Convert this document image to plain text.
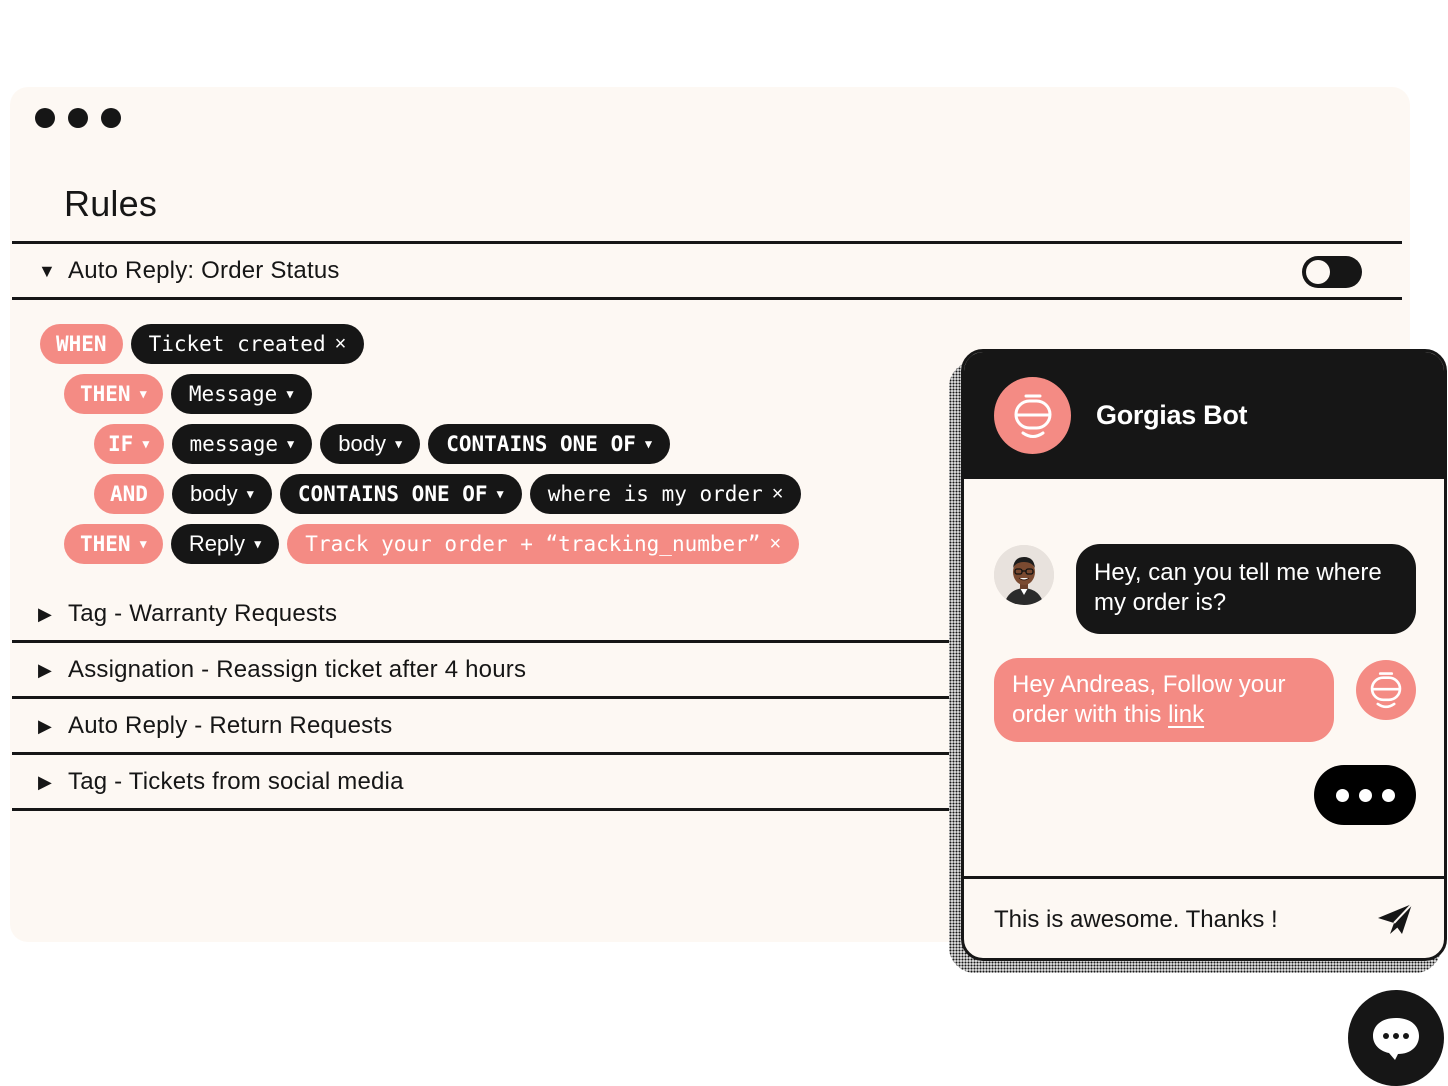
Rules
▼ Auto Reply: Order Status
WHEN Ticket created ×
THEN ▼ Message ▼
IF ▼ message ▼ body ▼ CONTAINS ONE OF ▼
AND body ▼ CONTAINS ONE OF ▼ where is my order ×
THEN ▼ Reply ▼ Track your order + “tracking_number” ×
▶ Tag - Warranty Requests
▶ Assignation - Reassign ticket after 4 hours
▶ Auto Reply - Return Requests
▶ Tag - Tickets from social media
Gorgias Bot
Hey, can you tell me where my order is?
Hey Andreas, Follow your order with this link
This is awesome. Thanks !
